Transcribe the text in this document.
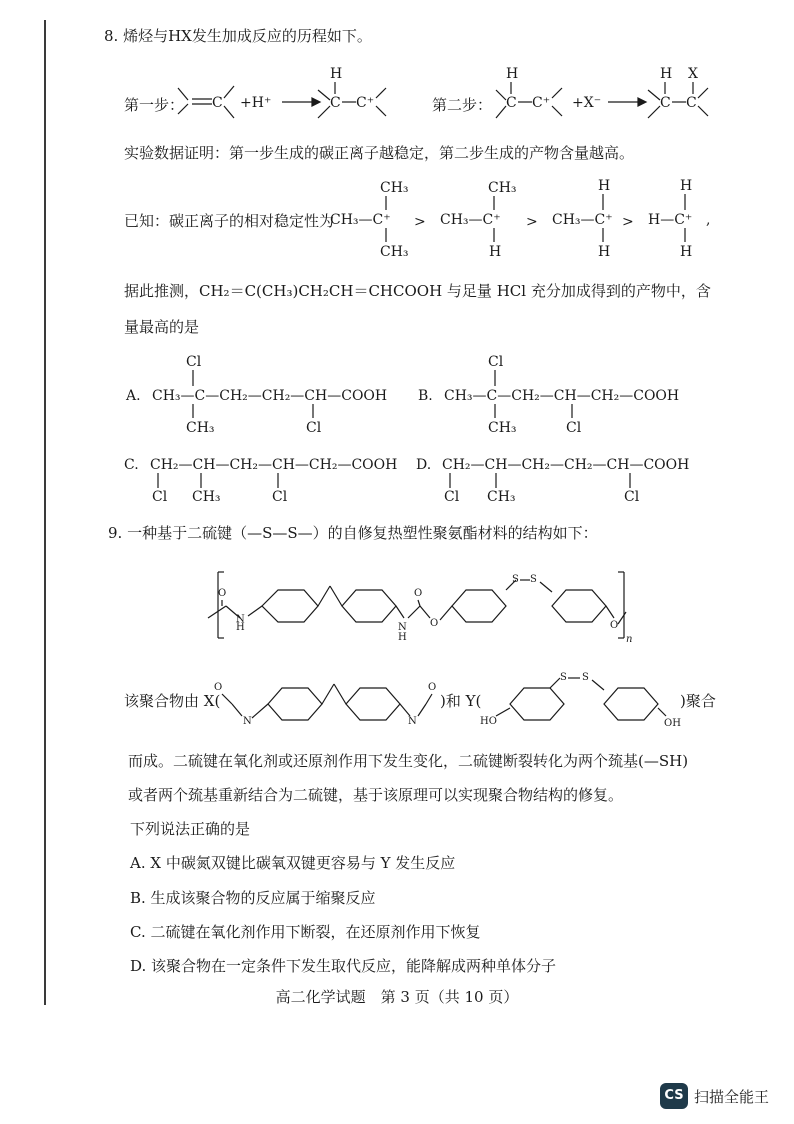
8. 烯烃与HX发生加成反应的历程如下。
第一步：	第二步：
实验数据证明：第一步生成的碳正离子越稳定，第二步生成的产物含量越高。
已知：碳正离子的相对稳定性为
据此推测，CH₂＝C(CH₃)CH₂CH＝CHCOOH 与足量 HCl 充分加成得到的产物中，含
量最高的是
9. 一种基于二硫键（—S—S—）的自修复热塑性聚氨酯材料的结构如下：
该聚合物由 X(	)和 Y(	)聚合
而成。二硫键在氧化剂或还原剂作用下发生变化，二硫键断裂转化为两个巯基(—SH)
或者两个巯基重新结合为二硫键，基于该原理可以实现聚合物结构的修复。
下列说法正确的是
A. X 中碳氮双键比碳氧双键更容易与 Y 发生反应
B. 生成该聚合物的反应属于缩聚反应
C. 二硫键在氧化剂作用下断裂，在还原剂作用下恢复
D. 该聚合物在一定条件下发生取代反应，能降解成两种单体分子
高二化学试题　第 3 页（共 10 页）
CS 扫描全能王
C +H⁺
H
C C⁺
H
C C⁺ +X⁻
H X
C C
CH₃
CH₃—C⁺
CH₃
>
CH₃
CH₃—C⁺
H
>
H
CH₃—C⁺
H
>
H
H—C⁺
H
,
A.
Cl
CH₃—C—CH₂—CH₂—CH—COOH
CH₃	Cl
B.
Cl
CH₃—C—CH₂—CH—CH₂—COOH
CH₃	Cl
C. CH₂—CH—CH₂—CH—CH₂—COOH
Cl CH₃	Cl
D. CH₂—CH—CH₂—CH₂—CH—COOH
Cl CH₃	Cl
O
H
N
N
H
O
O
S S
O
n
O
N	N
O
HO
S S
OH
